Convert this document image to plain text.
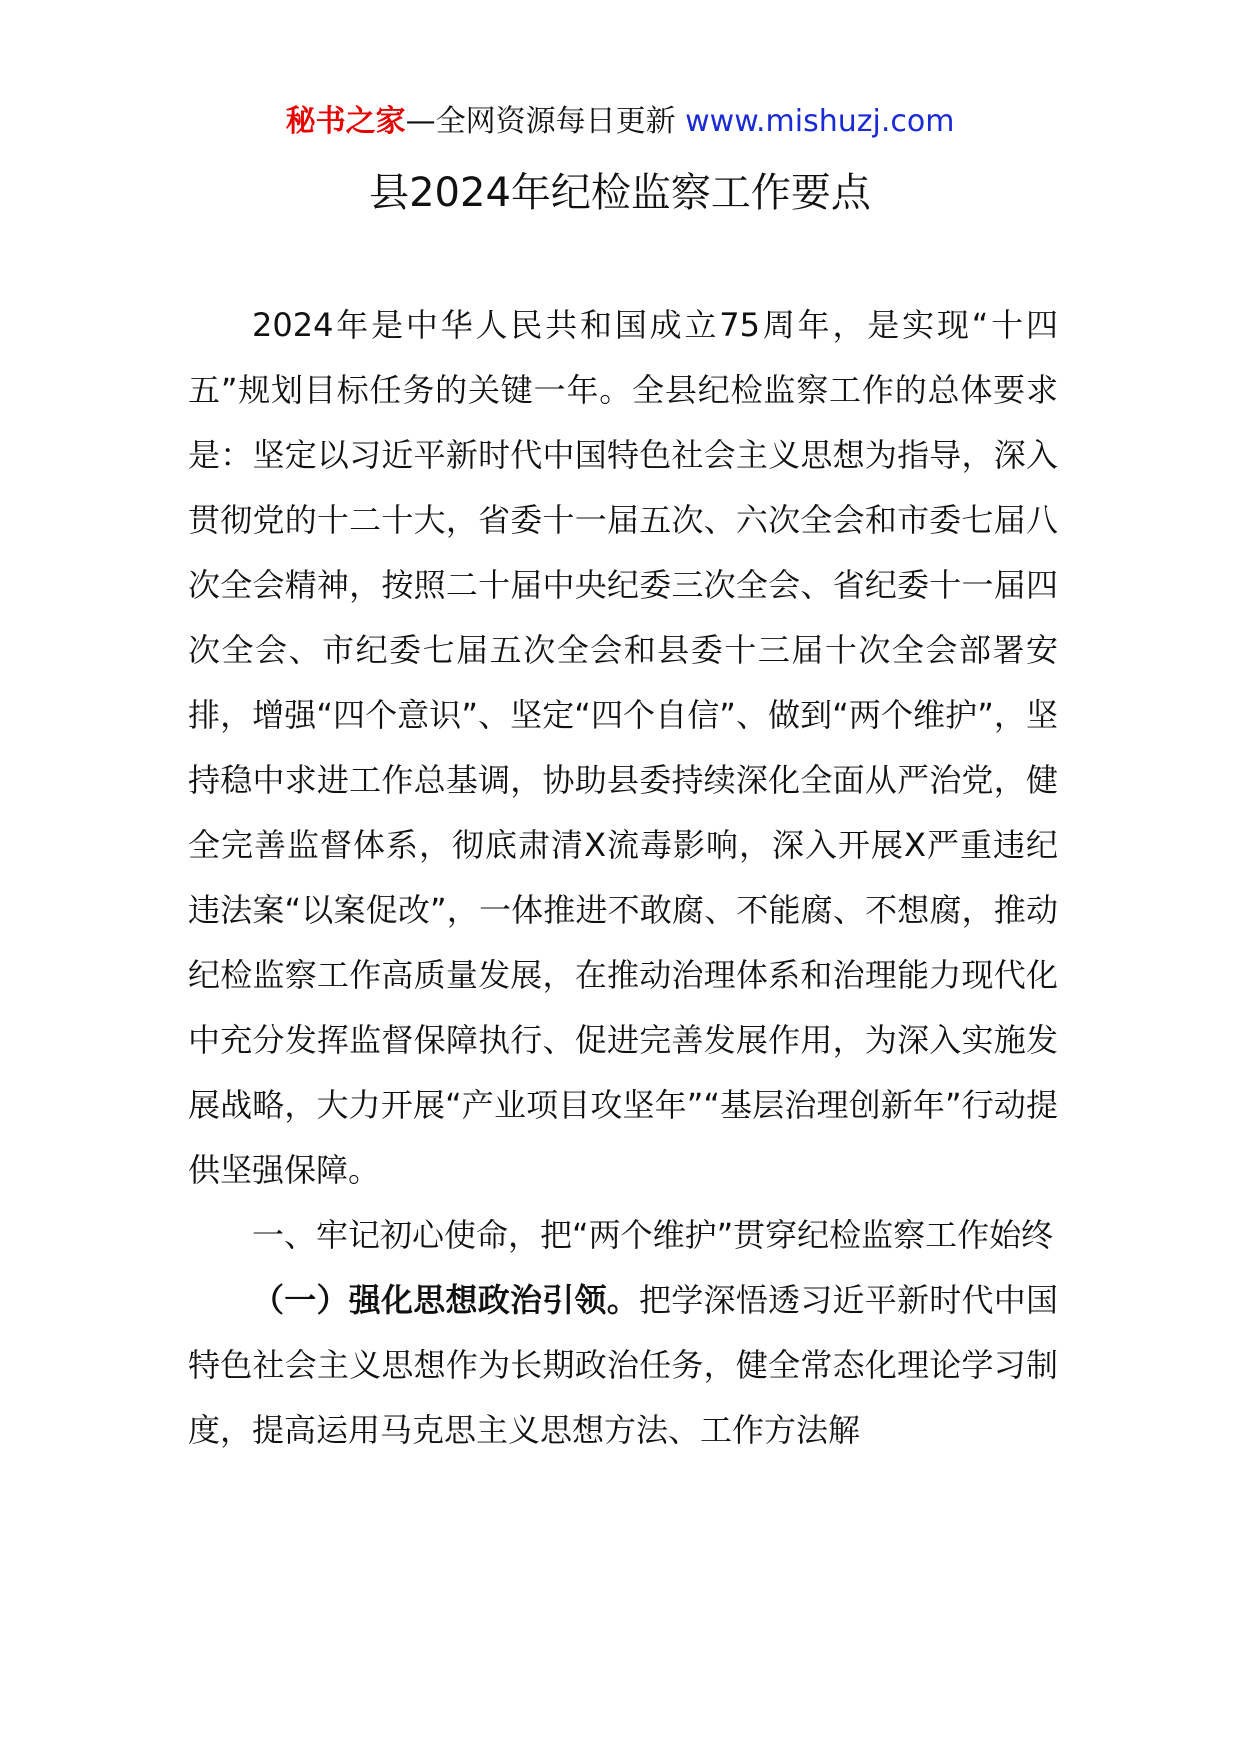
秘书之家—全网资源每日更新 www.mishuzj.com
县2024年纪检监察工作要点

2024年是中华人民共和国成立75周年，是实现“十四五”规划目标任务的关键一年。全县纪检监察工作的总体要求是：坚定以习近平新时代中国特色社会主义思想为指导，深入贯彻党的十二十大，省委十一届五次、六次全会和市委七届八次全会精神，按照二十届中央纪委三次全会、省纪委十一届四次全会、市纪委七届五次全会和县委十三届十次全会部署安排，增强“四个意识”、坚定“四个自信”、做到“两个维护”，坚持稳中求进工作总基调，协助县委持续深化全面从严治党，健全完善监督体系，彻底肃清X流毒影响，深入开展X严重违纪违法案“以案促改”，一体推进不敢腐、不能腐、不想腐，推动纪检监察工作高质量发展，在推动治理体系和治理能力现代化中充分发挥监督保障执行、促进完善发展作用，为深入实施发展战略，大力开展“产业项目攻坚年”“基层治理创新年”行动提供坚强保障。

一、牢记初心使命，把“两个维护”贯穿纪检监察工作始终

（一）强化思想政治引领。把学深悟透习近平新时代中国特色社会主义思想作为长期政治任务，健全常态化理论学习制度，提高运用马克思主义思想方法、工作方法解
